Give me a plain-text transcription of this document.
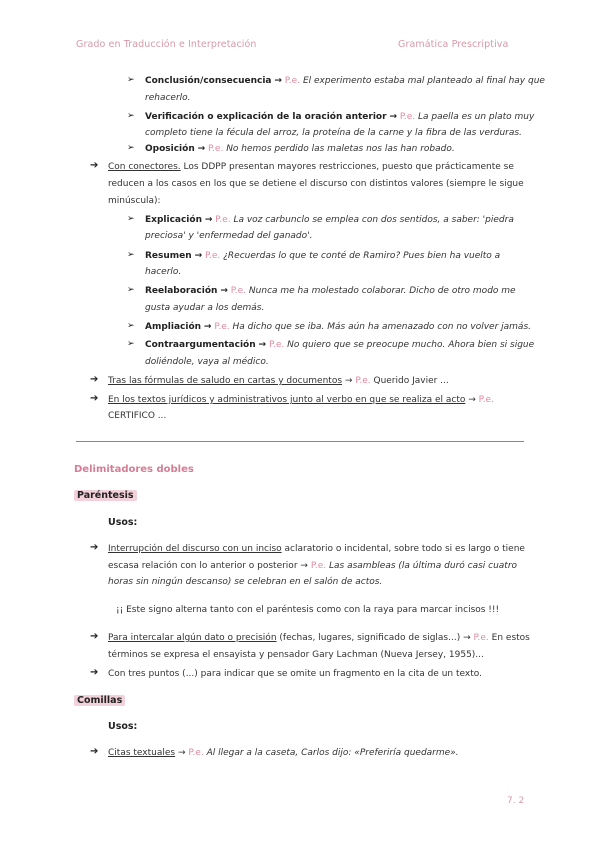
Grado en Traducción e Interpretación	Gramática Prescriptiva
➢ Conclusión/consecuencia → P.e. El experimento estaba mal planteado al final hay que
rehacerlo.
➢ Verificación o explicación de la oración anterior → P.e. La paella es un plato muy
completo tiene la fécula del arroz, la proteína de la carne y la fibra de las verduras.
➢ Oposición → P.e. No hemos perdido las maletas nos las han robado.
➔ Con conectores. Los DDPP presentan mayores restricciones, puesto que prácticamente se
reducen a los casos en los que se detiene el discurso con distintos valores (siempre le sigue
minúscula):
➢ Explicación → P.e. La voz carbunclo se emplea con dos sentidos, a saber: 'piedra
preciosa' y 'enfermedad del ganado'.
➢ Resumen → P.e. ¿Recuerdas lo que te conté de Ramiro? Pues bien ha vuelto a
hacerlo.
➢ Reelaboración → P.e. Nunca me ha molestado colaborar. Dicho de otro modo me
gusta ayudar a los demás.
➢ Ampliación → P.e. Ha dicho que se iba. Más aún ha amenazado con no volver jamás.
➢ Contraargumentación → P.e. No quiero que se preocupe mucho. Ahora bien si sigue
doliéndole, vaya al médico.
➔ Tras las fórmulas de saludo en cartas y documentos → P.e. Querido Javier ...
➔ En los textos jurídicos y administrativos junto al verbo en que se realiza el acto → P.e.
CERTIFICO ...
Delimitadores dobles
Paréntesis
Usos:
➔ Interrupción del discurso con un inciso aclaratorio o incidental, sobre todo si es largo o tiene
escasa relación con lo anterior o posterior → P.e. Las asambleas (la última duró casi cuatro
horas sin ningún descanso) se celebran en el salón de actos.
¡¡ Este signo alterna tanto con el paréntesis como con la raya para marcar incisos !!!
➔ Para intercalar algún dato o precisión (fechas, lugares, significado de siglas...) → P.e. En estos
términos se expresa el ensayista y pensador Gary Lachman (Nueva Jersey, 1955)...
➔ Con tres puntos (...) para indicar que se omite un fragmento en la cita de un texto.
Comillas
Usos:
➔ Citas textuales → P.e. Al llegar a la caseta, Carlos dijo: «Preferiría quedarme».
7. 2
